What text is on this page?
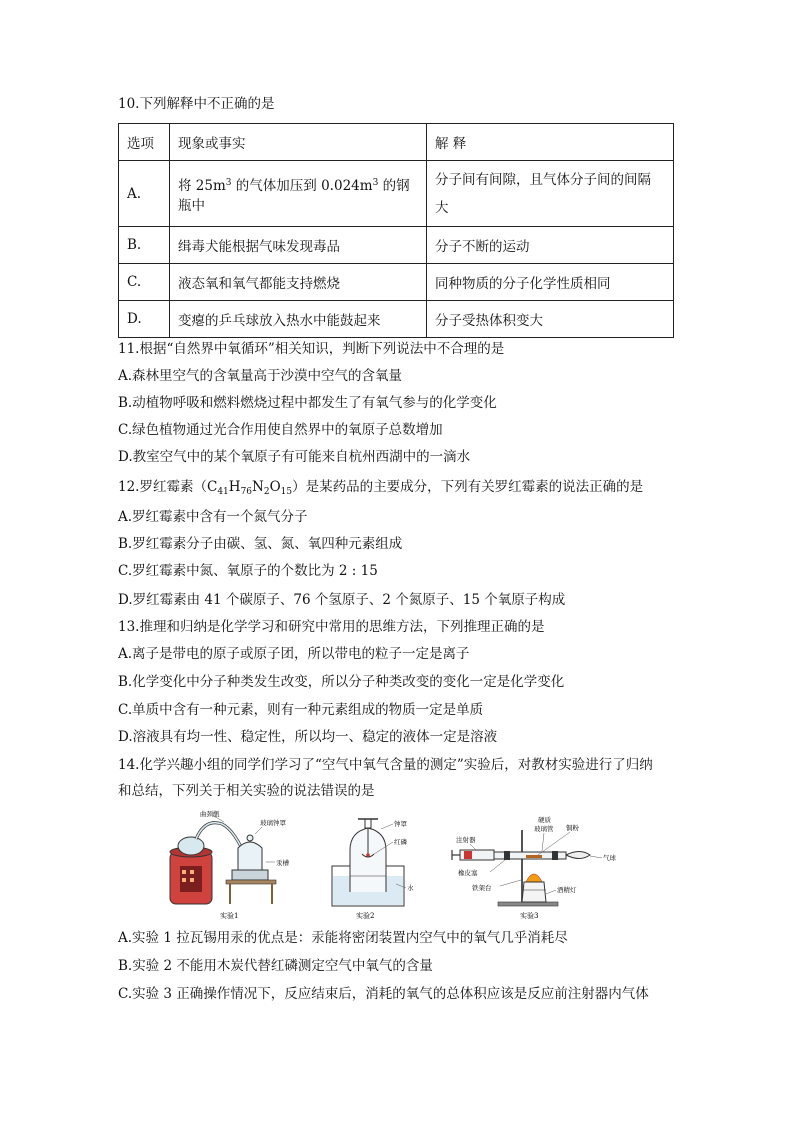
10.下列解释中不正确的是
选项	现象或事实	解 释
A.	将 $25m^3$ 的气体加压到 $0.024m^3$ 的钢瓶中	分子间有间隙，且气体分子间的间隔
大

B.	缉毒犬能根据气味发现毒品	分子不断的运动
C.	液态氧和氧气都能支持燃烧	同种物质的分子化学性质相同
D.	变瘪的乒乓球放入热水中能鼓起来	分子受热体积变大
11.根据“自然界中氧循环”相关知识，判断下列说法中不合理的是
A.森林里空气的含氧量高于沙漠中空气的含氧量
B.动植物呼吸和燃料燃烧过程中都发生了有氧气参与的化学变化
C.绿色植物通过光合作用使自然界中的氧原子总数增加
D.教室空气中的某个氧原子有可能来自杭州西湖中的一滴水
12.罗红霉素$(C_{41}H_{76}N_2O_{15})$是某药品的主要成分，下列有关罗红霉素的说法正确的是
A.罗红霉素中含有一个氮气分子
B.罗红霉素分子由碳、氢、氮、氧四种元素组成
C.罗红霉素中氮、氧原子的个数比为 2 : 15
D.罗红霉素由 41 个碳原子、76 个氢原子、2 个氮原子、15 个氧原子构成
13.推理和归纳是化学学习和研究中常用的思维方法，下列推理正确的是
A.离子是带电的原子或原子团，所以带电的粒子一定是离子
B.化学变化中分子种类发生改变，所以分子种类改变的变化一定是化学变化
C.单质中含有一种元素，则有一种元素组成的物质一定是单质
D.溶液具有均一性、稳定性，所以均一、稳定的液体一定是溶液
14.化学兴趣小组的同学们学习了“空气中氧气含量的测定”实验后，对教材实验进行了归纳
和总结，下列关于相关实验的说法错误的是
曲颈甑
玻璃钟罩
汞槽
实验1
钟罩
红磷
水
实验2
注射器
硬质
玻璃管 铜粉
气球
橡皮塞
铁架台	酒精灯
实验3
A.实验 1 拉瓦锡用汞的优点是：汞能将密闭装置内空气中的氧气几乎消耗尽
B.实验 2 不能用木炭代替红磷测定空气中氧气的含量
C.实验 3 正确操作情况下，反应结束后，消耗的氧气的总体积应该是反应前注射器内气体
